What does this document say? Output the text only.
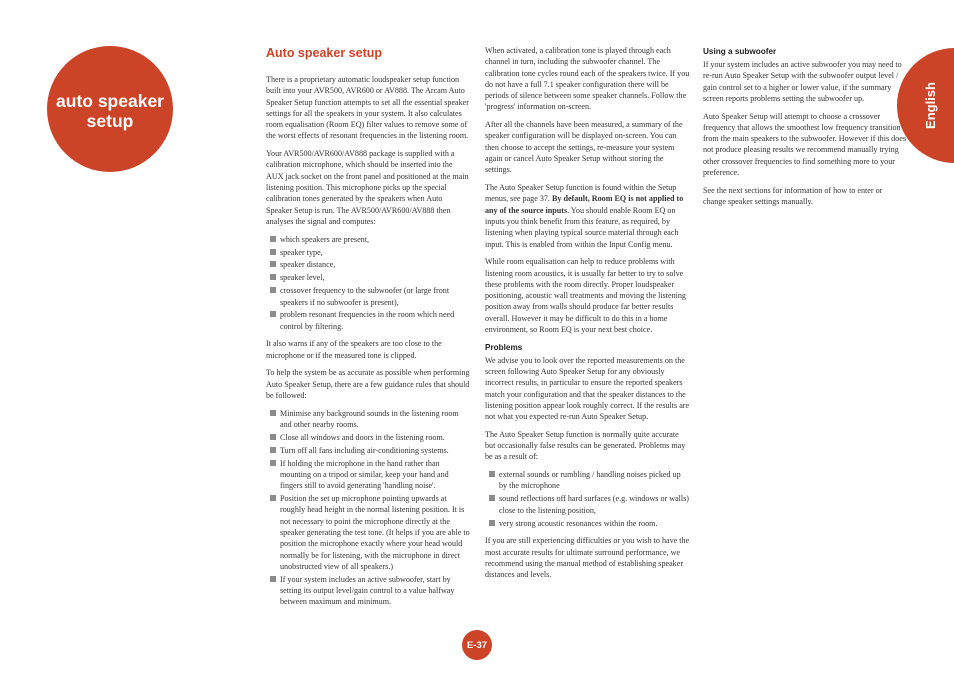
auto speaker
setup	English
Auto speaker setup

There is a proprietary automatic loudspeaker setup function built into your AVR500, AVR600 or AV888. The Arcam Auto Speaker Setup function attempts to set all the essential speaker settings for all the speakers in your system. It also calculates room equalisation (Room EQ) filter values to remove some of the worst effects of resonant frequencies in the listening room.

Your AVR500/AVR600/AV888 package is supplied with a calibration microphone, which should be inserted into the AUX jack socket on the front panel and positioned at the main listening position. This microphone picks up the special calibration tones generated by the speakers when Auto Speaker Setup is run. The AVR500/AVR600/AV888 then analyses the signal and computes:

which speakers are present,
speaker type,
speaker distance,
speaker level,
crossover frequency to the subwoofer (or large front speakers if no subwoofer is present),
problem resonant frequencies in the room which need control by filtering.

It also warns if any of the speakers are too close to the microphone or if the measured tone is clipped.

To help the system be as accurate as possible when performing Auto Speaker Setup, there are a few guidance rules that should be followed:

Minimise any background sounds in the listening room and other nearby rooms.
Close all windows and doors in the listening room.
Turn off all fans including air-conditioning systems.
If holding the microphone in the hand rather than mounting on a tripod or similar, keep your hand and fingers still to avoid generating 'handling noise'.
Position the set up microphone pointing upwards at roughly head height in the normal listening position. It is not necessary to point the microphone directly at the speaker generating the test tone. (It helps if you are able to position the microphone exactly where your head would normally be for listening, with the microphone in direct unobstructed view of all speakers.)
If your system includes an active subwoofer, start by setting its output level/gain control to a value halfway between maximum and minimum.

When activated, a calibration tone is played through each channel in turn, including the subwoofer channel. The calibration tone cycles round each of the speakers twice. If you do not have a full 7.1 speaker configuration there will be periods of silence between some speaker channels. Follow the 'progress' information on-screen.

After all the channels have been measured, a summary of the speaker configuration will be displayed on-screen. You can then choose to accept the settings, re-measure your system again or cancel Auto Speaker Setup without storing the settings.

The Auto Speaker Setup function is found within the Setup menus, see page 37. By default, Room EQ is not applied to any of the source inputs. You should enable Room EQ on inputs you think benefit from this feature, as required, by listening when playing typical source material through each input. This is enabled from within the Input Config menu.

While room equalisation can help to reduce problems with listening room acoustics, it is usually far better to try to solve these problems with the room directly. Proper loudspeaker positioning, acoustic wall treatments and moving the listening position away from walls should produce far better results overall. However it may be difficult to do this in a home environment, so Room EQ is your next best choice.

Problems

We advise you to look over the reported measurements on the screen following Auto Speaker Setup for any obviously incorrect results, in particular to ensure the reported speakers match your configuration and that the speaker distances to the listening position appear look roughly correct. If the results are not what you expected re-run Auto Speaker Setup.

The Auto Speaker Setup function is normally quite accurate but occasionally false results can be generated. Problems may be as a result of:

external sounds or rumbling / handling noises picked up by the microphone
sound reflections off hard surfaces (e.g. windows or walls) close to the listening position,
very strong acoustic resonances within the room.

If you are still experiencing difficulties or you wish to have the most accurate results for ultimate surround performance, we recommend using the manual method of establishing speaker distances and levels.

Using a subwoofer

If your system includes an active subwoofer you may need to re-run Auto Speaker Setup with the subwoofer output level / gain control set to a higher or lower value, if the summary screen reports problems setting the subwoofer up.

Auto Speaker Setup will attempt to choose a crossover frequency that allows the smoothest low frequency transition from the main speakers to the subwoofer. However if this does not produce pleasing results we recommend manually trying other crossover frequencies to find something more to your preference.

See the next sections for information of how to enter or change speaker settings manually.

E-37
